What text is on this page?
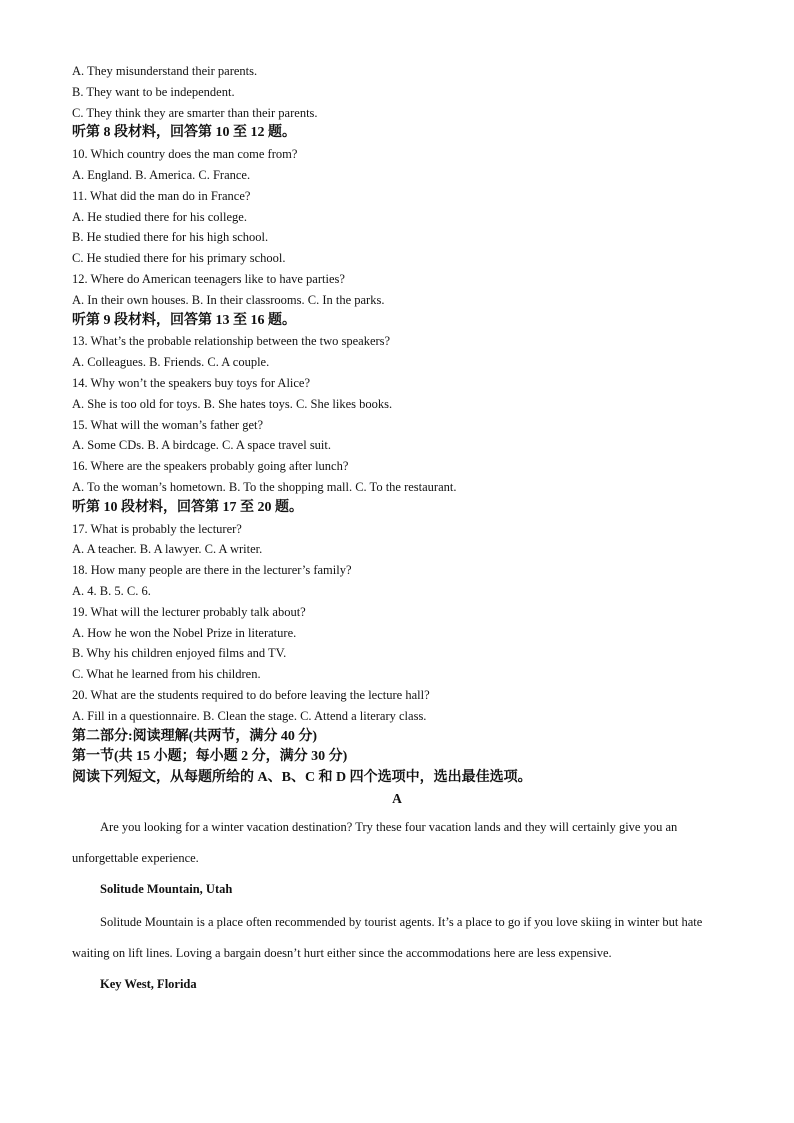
A. They misunderstand their parents.
B. They want to be independent.
C. They think they are smarter than their parents.
听第 8 段材料，回答第 10 至 12 题。
10. Which country does the man come from?
A. England. B. America. C. France.
11. What did the man do in France?
A. He studied there for his college.
B. He studied there for his high school.
C. He studied there for his primary school.
12. Where do American teenagers like to have parties?
A. In their own houses. B. In their classrooms. C. In the parks.
听第 9 段材料，回答第 13 至 16 题。
13. What’s the probable relationship between the two speakers?
A. Colleagues. B. Friends. C. A couple.
14. Why won’t the speakers buy toys for Alice?
A. She is too old for toys. B. She hates toys. C. She likes books.
15. What will the woman’s father get?
A. Some CDs. B. A birdcage. C. A space travel suit.
16. Where are the speakers probably going after lunch?
A. To the woman’s hometown. B. To the shopping mall. C. To the restaurant.
听第 10 段材料，回答第 17 至 20 题。
17. What is probably the lecturer?
A. A teacher. B. A lawyer. C. A writer.
18. How many people are there in the lecturer’s family?
A. 4. B. 5. C. 6.
19. What will the lecturer probably talk about?
A. How he won the Nobel Prize in literature.
B. Why his children enjoyed films and TV.
C. What he learned from his children.
20. What are the students required to do before leaving the lecture hall?
A. Fill in a questionnaire. B. Clean the stage. C. Attend a literary class.
第二部分:阅读理解(共两节，满分 40 分)
第一节(共 15 小题；每小题 2 分，满分 30 分)
阅读下列短文，从每题所给的 A、B、C 和 D 四个选项中，选出最佳选项。
A

Are you looking for a winter vacation destination? Try these four vacation lands and they will certainly give you an unforgettable experience.

Solitude Mountain, Utah

Solitude Mountain is a place often recommended by tourist agents. It’s a place to go if you love skiing in winter but hate waiting on lift lines. Loving a bargain doesn’t hurt either since the accommodations here are less expensive.

Key West, Florida
